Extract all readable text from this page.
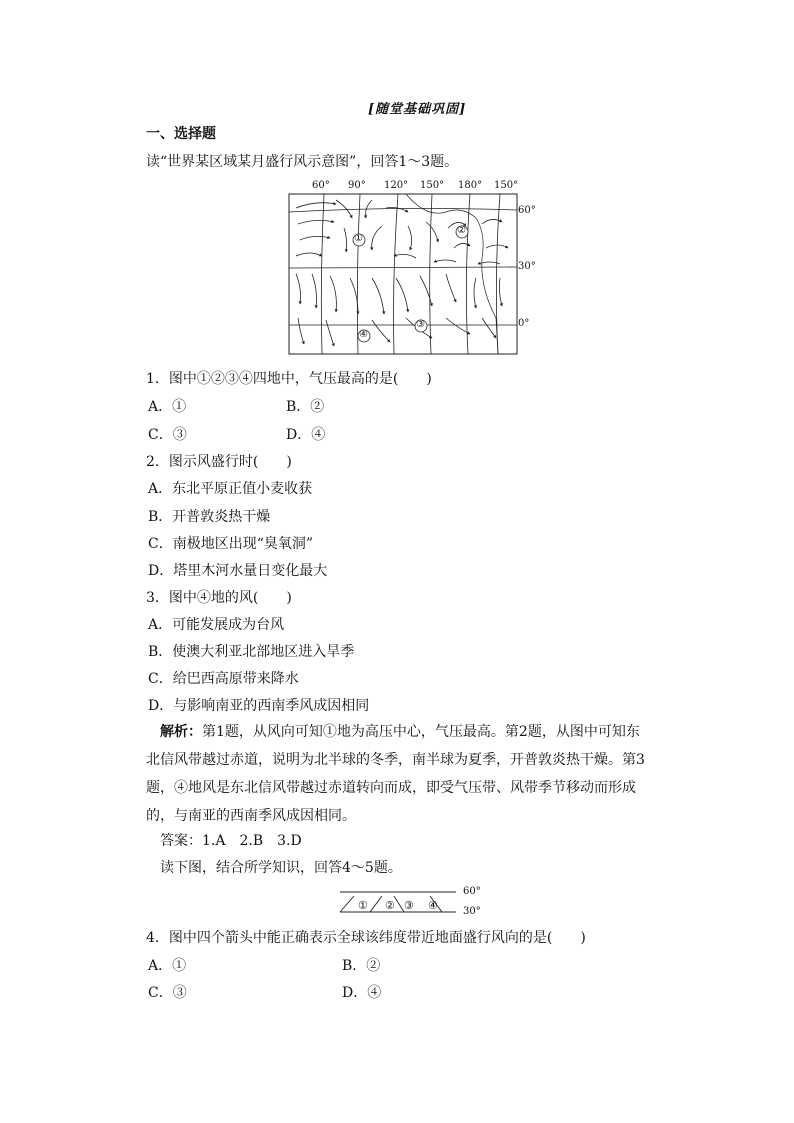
[随堂基础巩固]
一、选择题
读“世界某区域某月盛行风示意图”，回答1～3题。
60° 90° 120° 150° 180° 150°
60°
30°
0°
①
②
③
④
1．图中①②③④四地中，气压最高的是(　　)
A．①	B．②
C．③	D．④
2．图示风盛行时(　　)
A．东北平原正值小麦收获
B．开普敦炎热干燥
C．南极地区出现“臭氧洞”
D．塔里木河水量日变化最大
3．图中④地的风(　　)
A．可能发展成为台风
B．使澳大利亚北部地区进入旱季
C．给巴西高原带来降水
D．与影响南亚的西南季风成因相同
解析：第1题，从风向可知①地为高压中心，气压最高。第2题，从图中可知东北信风带越过赤道，说明为北半球的冬季，南半球为夏季，开普敦炎热干燥。第3题，④地风是东北信风带越过赤道转向而成，即受气压带、风带季节移动而形成的，与南亚的西南季风成因相同。
答案：1.A　2.B　3.D
读下图，结合所学知识，回答4～5题。
① ② ③ ④
60°
30°
4．图中四个箭头中能正确表示全球该纬度带近地面盛行风向的是(　　)
A．①	B．②
C．③	D．④
